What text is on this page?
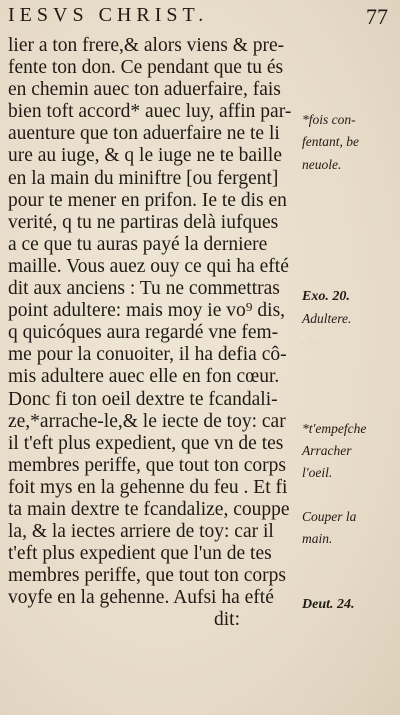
· · ·
IESVS CHRIST.	77
lier a ton frere,& alors viens & pre-
fente ton don. Ce pendant que tu és
en chemin auec ton aduerfaire, fais
bien toft accord* auec luy, affin par-
auenture que ton aduerfaire ne te li
ure au iuge, & q le iuge ne te baille
en la main du miniftre [ou fergent]
pour te mener en prifon. Ie te dis en
verité, q tu ne partiras delà iufques
a ce que tu auras payé la derniere
maille. Vous auez ouy ce qui ha efté
dit aux anciens : Tu ne commettras
point adultere: mais moy ie vo⁹ dis,
q quicóques aura regardé vne fem-
me pour la conuoiter, il ha defia cô-
mis adultere auec elle en fon cœur.
Donc fi ton oeil dextre te fcandali-
ze,*arrache-le,& le iecte de toy: car
il t'eft plus expedient, que vn de tes
membres periffe, que tout ton corps
foit mys en la gehenne du feu . Et fi
ta main dextre te fcandalize, couppe
la, & la iectes arriere de toy: car il
t'eft plus expedient que l'un de tes
membres periffe, que tout ton corps
voyfe en la gehenne. Aufsi ha efté
dit:
*fois con-
fentant, be
neuole.
Exo. 20.
Adultere.
*t'empefche
Arracher
l'oeil.
Couper la
main.
Deut. 24.
